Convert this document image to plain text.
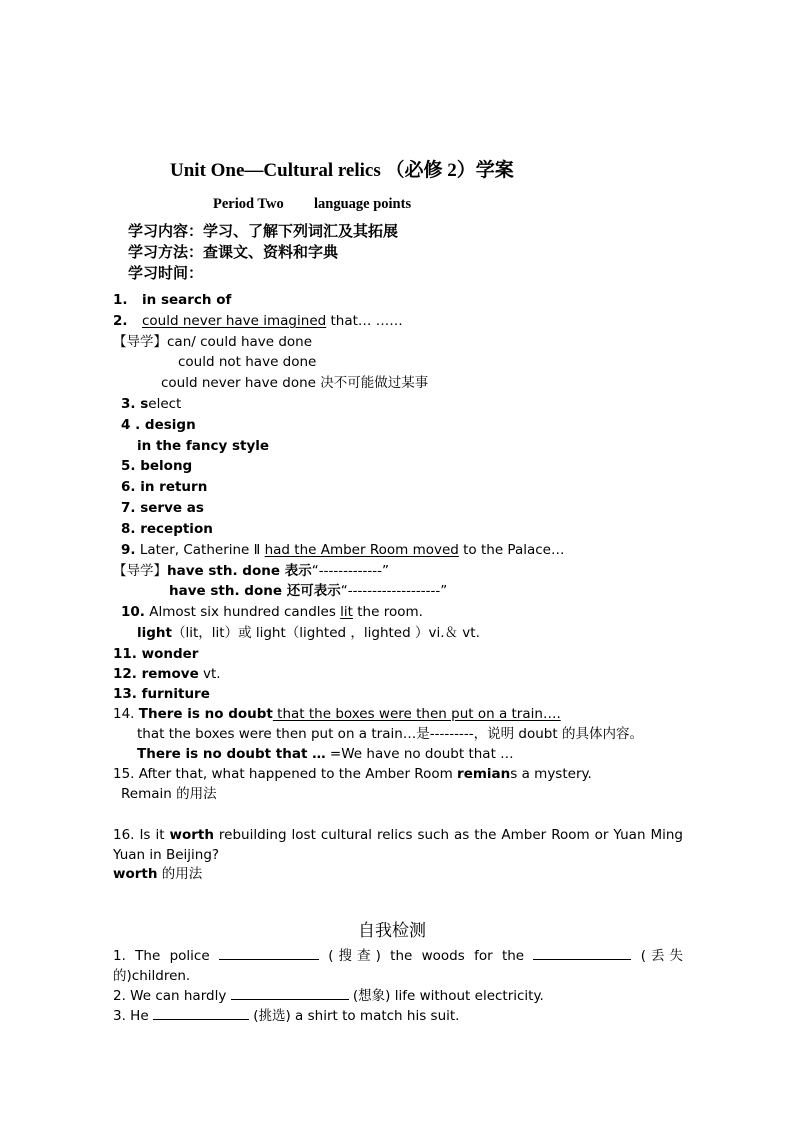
Unit One—Cultural relics （必修 2）学案
Period Two language points
学习内容：学习、了解下列词汇及其拓展
学习方法：查课文、资料和字典
学习时间：
1. in search of
2. could never have imagined that… ……
【导学】can/ could have done
could not have done
could never have done 决不可能做过某事
3. select
4 . design
in the fancy style
5. belong
6. in return
7. serve as
8. reception
9. Later, Catherine Ⅱ had the Amber Room moved to the Palace…
【导学】have sth. done 表示“-------------”
have sth. done 还可表示“-------------------”
10. Almost six hundred candles lit the room.
light（lit，lit）或 light（lighted ，lighted ）vi.＆ vt.
11. wonder
12. remove vt.
13. furniture
14. There is no doubt that the boxes were then put on a train….
that the boxes were then put on a train…是---------，说明 doubt 的具体内容。
There is no doubt that … =We have no doubt that …
15. After that, what happened to the Amber Room remians a mystery.
Remain 的用法
16. Is it worth rebuilding lost cultural relics such as the Amber Room or Yuan Ming Yuan in Beijing?
worth 的用法
自我检测
1. The police	(搜查) the woods for the	(丢失的)children.
2. We can hardly	(想象) life without electricity.
3. He	(挑选) a shirt to match his suit.
